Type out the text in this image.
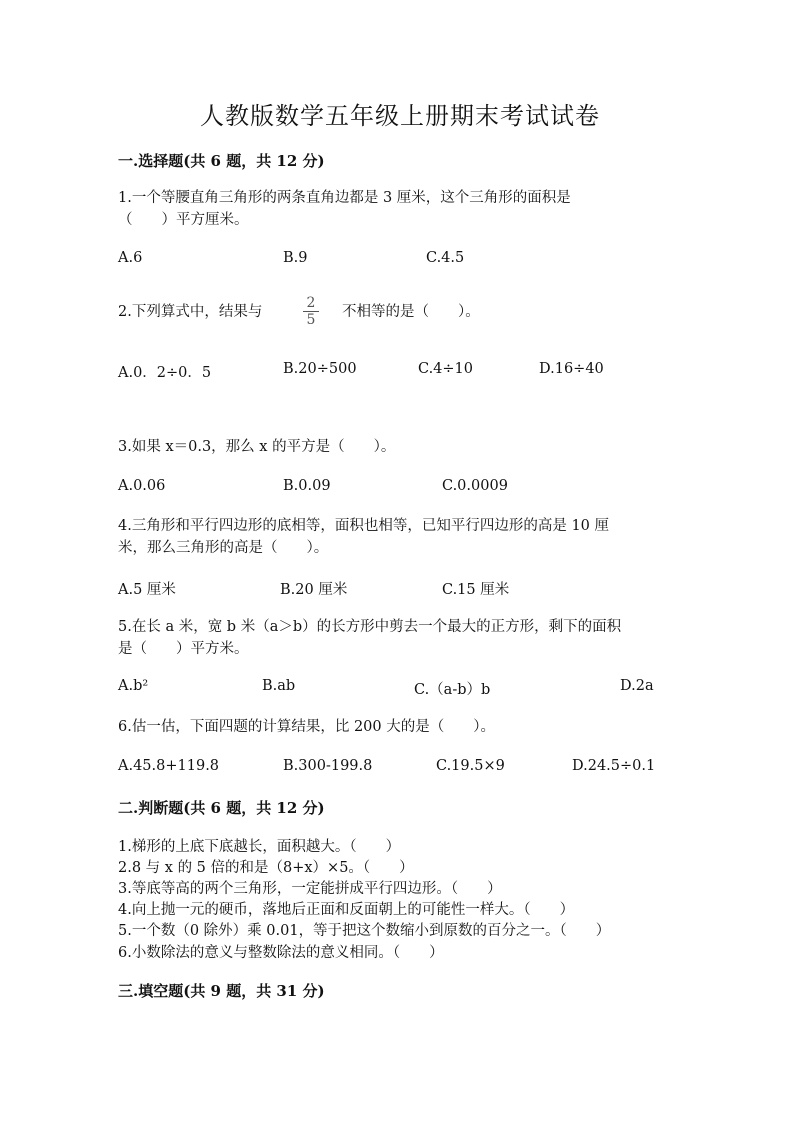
人教版数学五年级上册期末考试试卷
一.选择题(共 6 题，共 12 分)
1.一个等腰直角三角形的两条直角边都是 3 厘米，这个三角形的面积是
（　　）平方厘米。
A.6	B.9	C.4.5
2.下列算式中，结果与
2
5 不相等的是（　　）。
A.0．2÷0．5	B.20÷500	C.4÷10	D.16÷40
3.如果 x＝0.3，那么 x 的平方是（　　）。
A.0.06	B.0.09	C.0.0009
4.三角形和平行四边形的底相等，面积也相等，已知平行四边形的高是 10 厘
米，那么三角形的高是（　　）。
A.5 厘米	B.20 厘米	C.15 厘米
5.在长 a 米，宽 b 米（a＞b）的长方形中剪去一个最大的正方形，剩下的面积
是（　　）平方米。
A.b²	B.ab	C.（a-b）b	D.2a
6.估一估，下面四题的计算结果，比 200 大的是（　　）。
A.45.8+119.8	B.300-199.8	C.19.5×9	D.24.5÷0.1
二.判断题(共 6 题，共 12 分)
1.梯形的上底下底越长，面积越大。（　　）
2.8 与 x 的 5 倍的和是（8+x）×5。（　　）
3.等底等高的两个三角形，一定能拼成平行四边形。（　　）
4.向上抛一元的硬币，落地后正面和反面朝上的可能性一样大。（　　）
5.一个数（0 除外）乘 0.01，等于把这个数缩小到原数的百分之一。（　　）
6.小数除法的意义与整数除法的意义相同。（　　）
三.填空题(共 9 题，共 31 分)
